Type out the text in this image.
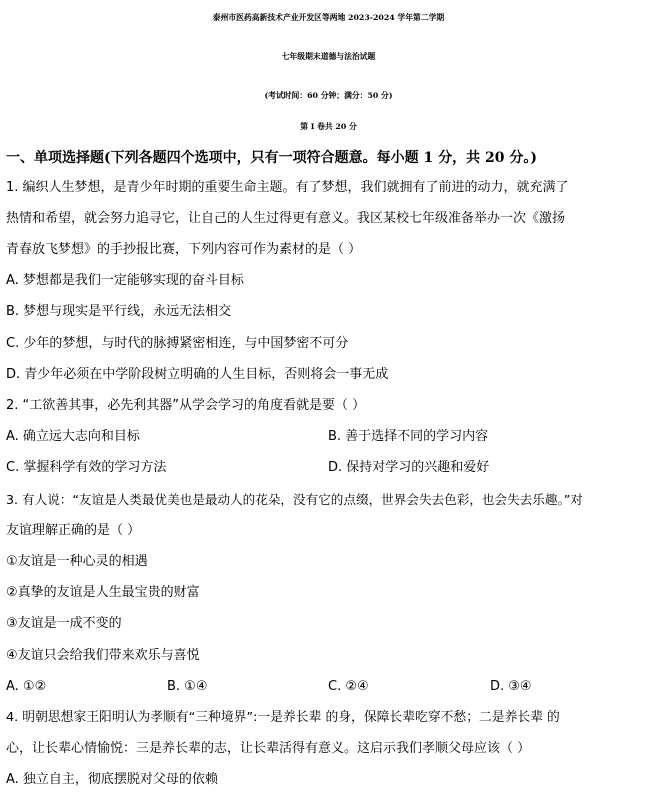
泰州市医药高新技术产业开发区等两地 2023-2024 学年第二学期
七年级期末道德与法治试题
(考试时间：60 分钟；满分：50 分)
第 I 卷共 20 分
一、单项选择题(下列各题四个选项中，只有一项符合题意。每小题 1 分，共 20 分。)
1. 编织人生梦想，是青少年时期的重要生命主题。有了梦想，我们就拥有了前进的动力，就充满了
热情和希望，就会努力追寻它，让自己的人生过得更有意义。我区某校七年级准备举办一次《激扬
青春放飞梦想》的手抄报比赛，下列内容可作为素材的是（ ）
A. 梦想都是我们一定能够实现的奋斗目标
B. 梦想与现实是平行线，永远无法相交
C. 少年的梦想，与时代的脉搏紧密相连，与中国梦密不可分
D. 青少年必须在中学阶段树立明确的人生目标，否则将会一事无成
2. “工欲善其事，必先利其器”从学会学习的角度看就是要（ ）
A. 确立远大志向和目标	B. 善于选择不同的学习内容
C. 掌握科学有效的学习方法	D. 保持对学习的兴趣和爱好
3. 有人说：“友谊是人类最优美也是最动人的花朵，没有它的点缀，世界会失去色彩，也会失去乐趣。”对
友谊理解正确的是（ ）
①友谊是一种心灵的相遇
②真挚的友谊是人生最宝贵的财富
③友谊是一成不变的
④友谊只会给我们带来欢乐与喜悦
A. ①②	B. ①④	C. ②④	D. ③④
4. 明朝思想家王阳明认为孝顺有“三种境界”:一是养长辈 的身，保障长辈吃穿不愁；二是养长辈 的
心，让长辈心情愉悦：三是养长辈的志，让长辈活得有意义。这启示我们孝顺父母应该（ ）
A. 独立自主，彻底摆脱对父母的依赖
